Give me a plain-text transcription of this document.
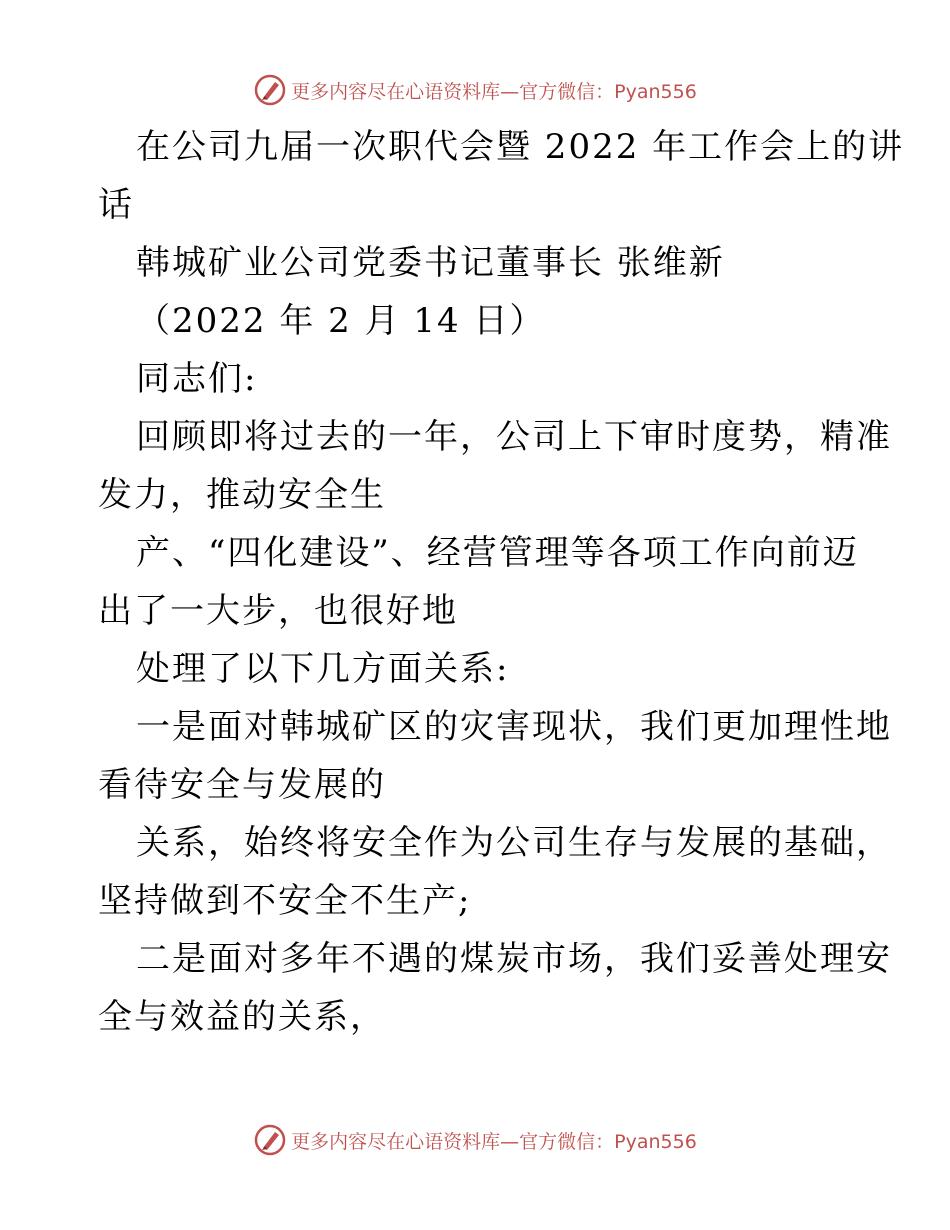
更多内容尽在心语资料库—官方微信：Pyan556
在公司九届一次职代会暨 2022 年工作会上的讲
话
韩城矿业公司党委书记董事长 张维新
（2022 年 2 月 14 日）
同志们:
回顾即将过去的一年，公司上下审时度势，精准
发力，推动安全生
产、“四化建设”、经营管理等各项工作向前迈
出了一大步，也很好地
处理了以下几方面关系:
一是面对韩城矿区的灾害现状，我们更加理性地
看待安全与发展的
关系，始终将安全作为公司生存与发展的基础，
坚持做到不安全不生产;
二是面对多年不遇的煤炭市场，我们妥善处理安
全与效益的关系，
更多内容尽在心语资料库—官方微信：Pyan556
